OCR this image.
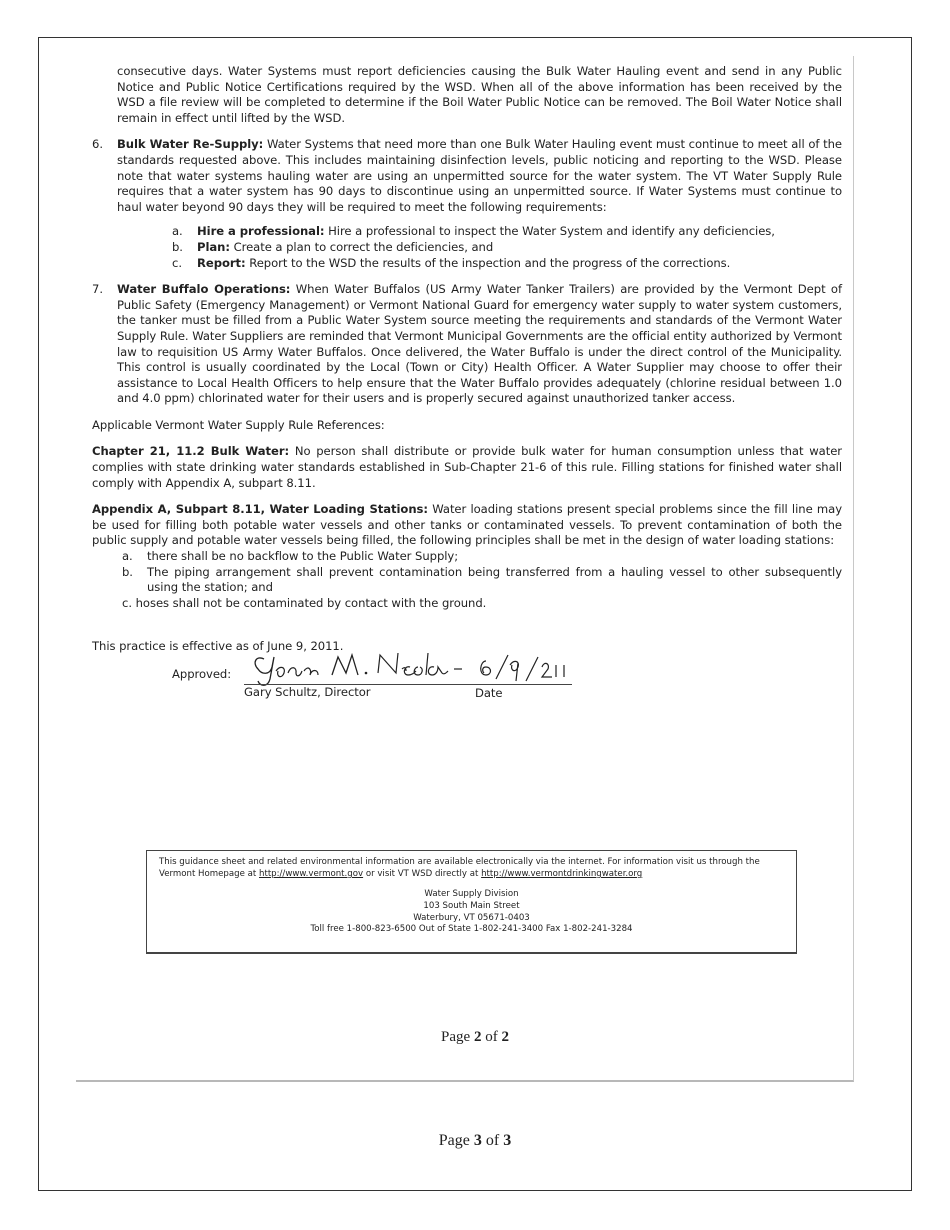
consecutive days. Water Systems must report deficiencies causing the Bulk Water Hauling event and send in any Public Notice and Public Notice Certifications required by the WSD. When all of the above information has been received by the WSD a file review will be completed to determine if the Boil Water Public Notice can be removed. The Boil Water Notice shall remain in effect until lifted by the WSD.

6. Bulk Water Re-Supply: Water Systems that need more than one Bulk Water Hauling event must continue to meet all of the standards requested above. This includes maintaining disinfection levels, public noticing and reporting to the WSD. Please note that water systems hauling water are using an unpermitted source for the water system. The VT Water Supply Rule requires that a water system has 90 days to discontinue using an unpermitted source. If Water Systems must continue to haul water beyond 90 days they will be required to meet the following requirements:

a. Hire a professional: Hire a professional to inspect the Water System and identify any deficiencies,
b. Plan: Create a plan to correct the deficiencies, and
c. Report: Report to the WSD the results of the inspection and the progress of the corrections.
7. Water Buffalo Operations: When Water Buffalos (US Army Water Tanker Trailers) are provided by the Vermont Dept of Public Safety (Emergency Management) or Vermont National Guard for emergency water supply to water system customers, the tanker must be filled from a Public Water System source meeting the requirements and standards of the Vermont Water Supply Rule. Water Suppliers are reminded that Vermont Municipal Governments are the official entity authorized by Vermont law to requisition US Army Water Buffalos. Once delivered, the Water Buffalo is under the direct control of the Municipality. This control is usually coordinated by the Local (Town or City) Health Officer. A Water Supplier may choose to offer their assistance to Local Health Officers to help ensure that the Water Buffalo provides adequately (chlorine residual between 1.0 and 4.0 ppm) chlorinated water for their users and is properly secured against unauthorized tanker access.

Applicable Vermont Water Supply Rule References:

Chapter 21, 11.2 Bulk Water: No person shall distribute or provide bulk water for human consumption unless that water complies with state drinking water standards established in Sub-Chapter 21-6 of this rule. Filling stations for finished water shall comply with Appendix A, subpart 8.11.

Appendix A, Subpart 8.11, Water Loading Stations: Water loading stations present special problems since the fill line may be used for filling both potable water vessels and other tanks or contaminated vessels. To prevent contamination of both the public supply and potable water vessels being filled, the following principles shall be met in the design of water loading stations:

a. there shall be no backflow to the Public Water Supply;

b. The piping arrangement shall prevent contamination being transferred from a hauling vessel to other subsequently using the station; and

c. hoses shall not be contaminated by contact with the ground.

This practice is effective as of June 9, 2011.

Approved:
Gary Schultz, Director	Date

This guidance sheet and related environmental information are available electronically via the internet. For information visit us through the Vermont Homepage at http://www.vermont.gov or visit VT WSD directly at http://www.vermontdrinkingwater.org

Water Supply Division
103 South Main Street
Waterbury, VT 05671-0403
Toll free 1-800-823-6500 Out of State 1-802-241-3400 Fax 1-802-241-3284
Page 2 of 2
Page 3 of 3
